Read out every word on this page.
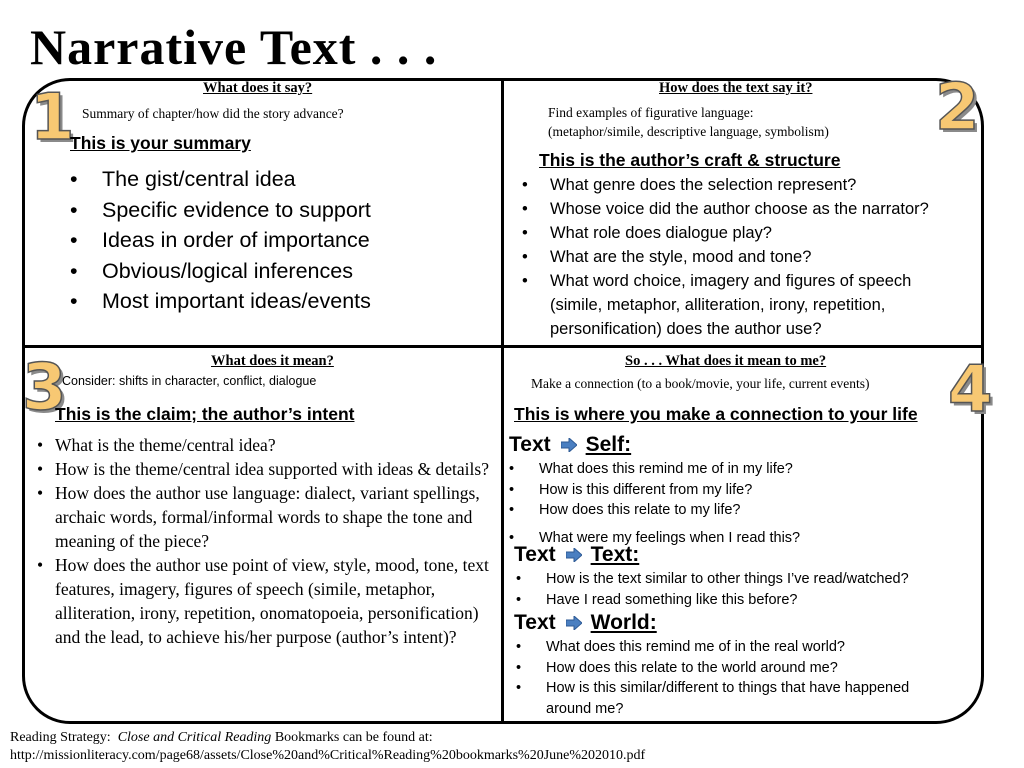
Narrative Text . . .
1	2
3	4
What does it say?
Summary of chapter/how did the story advance?
This is your summary
• The gist/central idea
• Specific evidence to support
• Ideas in order of importance
• Obvious/logical inferences
• Most important ideas/events
How does the text say it?
Find examples of figurative language:
(metaphor/simile, descriptive language, symbolism)
This is the author’s craft & structure
• What genre does the selection represent?
• Whose voice did the author choose as the narrator?
• What role does dialogue play?
• What are the style, mood and tone?
• What word choice, imagery and figures of speech (simile, metaphor, alliteration, irony, repetition, personification) does the author use?
What does it mean?
Consider: shifts in character, conflict, dialogue
This is the claim; the author’s intent
• What is the theme/central idea?
• How is the theme/central idea supported with ideas & details?
• How does the author use language: dialect, variant spellings, archaic words, formal/informal words to shape the tone and meaning of the piece?
• How does the author use point of view, style, mood, tone, text features, imagery, figures of speech (simile, metaphor, alliteration, irony, repetition, onomatopoeia, personification) and the lead, to achieve his/her purpose (author’s intent)?
So . . . What does it mean to me?
Make a connection (to a book/movie, your life, current events)
This is where you make a connection to your life
Text Self:
• What does this remind me of in my life?
• How is this different from my life?
• How does this relate to my life?
• What were my feelings when I read this?
Text Text:
• How is the text similar to other things I’ve read/watched?
• Have I read something like this before?
Text World:
• What does this remind me of in the real world?
• How does this relate to the world around me?
• How is this similar/different to things that have happened around me?
Reading Strategy: Close and Critical Reading Bookmarks can be found at:
http://missionliteracy.com/page68/assets/Close%20and%Critical%Reading%20bookmarks%20June%202010.pdf
